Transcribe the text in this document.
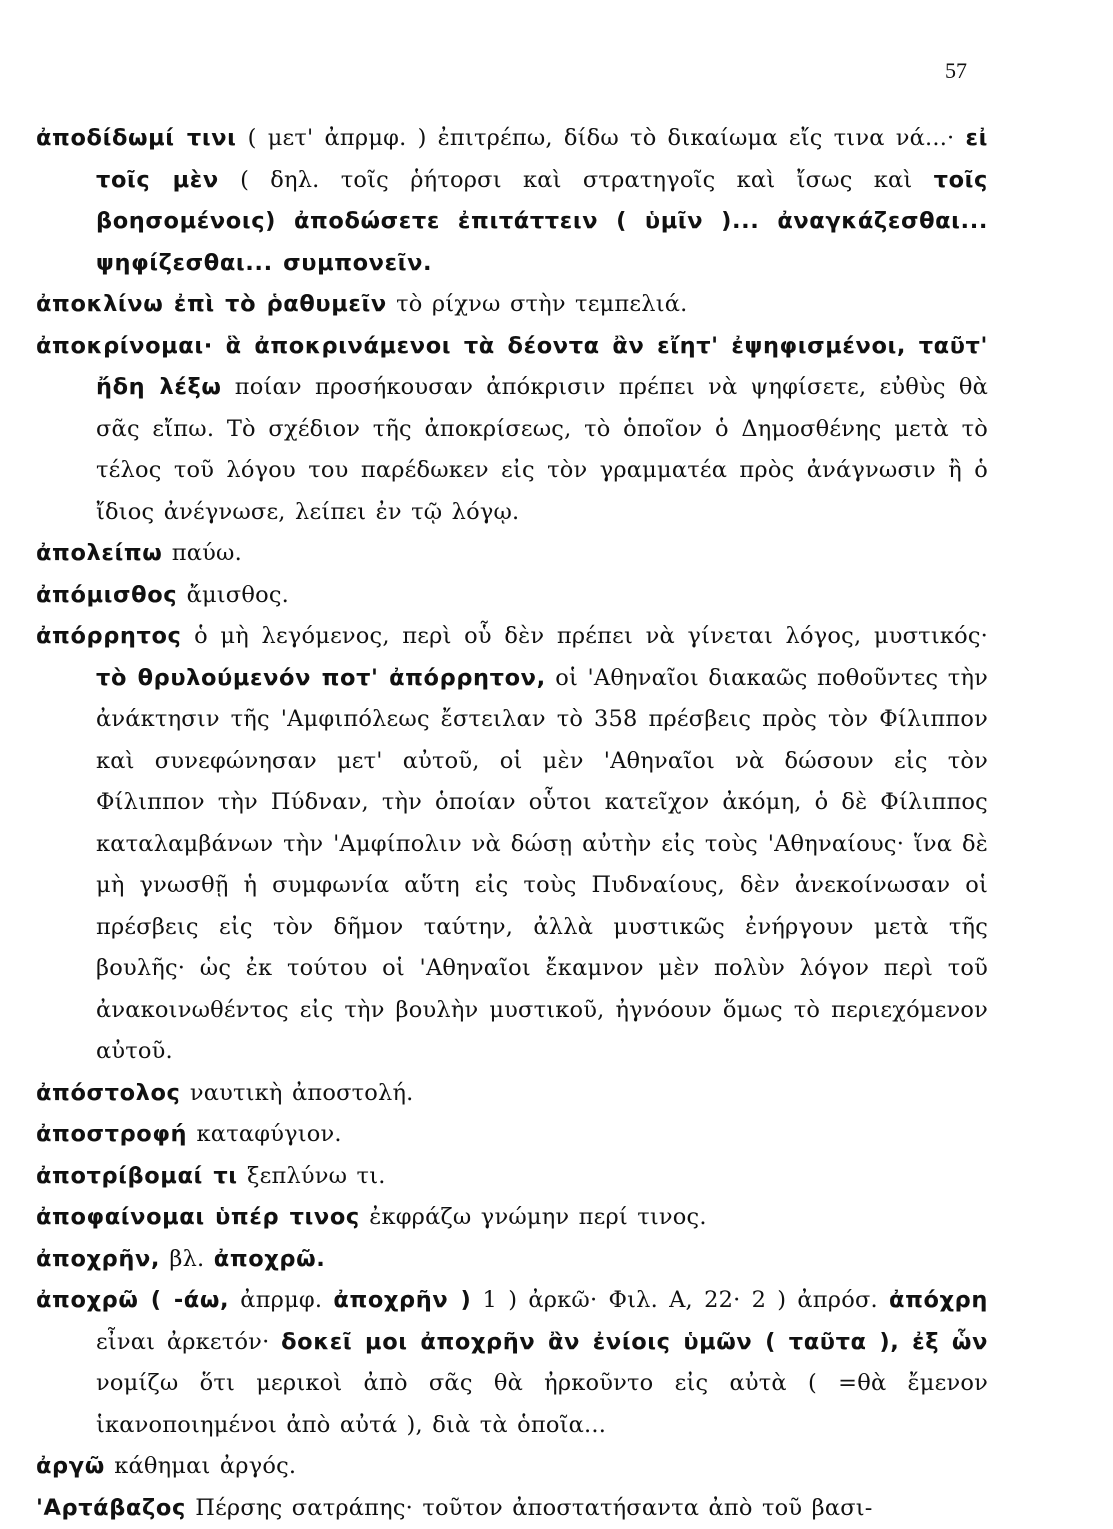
57

ἀποδίδωμί τινι ( μετ' ἀπρμφ. ) ἐπιτρέπω, δίδω τὸ δικαίωμα εἴς τινα νά...· εἰ τοῖς μὲν ( δηλ. τοῖς ῥήτορσι καὶ στρατηγοῖς καὶ ἴσως καὶ τοῖς βοησομένοις) ἀποδώσετε ἐπιτάττειν ( ὑμῖν )... ἀναγκάζεσθαι... ψηφίζεσθαι... συμπονεῖν.

ἀποκλίνω ἐπὶ τὸ ῥαθυμεῖν τὸ ρίχνω στὴν τεμπελιά.

ἀποκρίνομαι· ἃ ἀποκρινάμενοι τὰ δέοντα ἂν εἴητ' ἐψηφισμένοι, ταῦτ' ἤδη λέξω ποίαν προσήκουσαν ἀπόκρισιν πρέπει νὰ ψηφίσετε, εὐθὺς θὰ σᾶς εἴπω. Τὸ σχέδιον τῆς ἀποκρίσεως, τὸ ὁποῖον ὁ Δημοσθένης μετὰ τὸ τέλος τοῦ λόγου του παρέδωκεν εἰς τὸν γραμματέα πρὸς ἀνάγνωσιν ἢ ὁ ἴδιος ἀνέγνωσε, λείπει ἐν τῷ λόγῳ.

ἀπολείπω παύω.

ἀπόμισθος ἄμισθος.

ἀπόρρητος ὁ μὴ λεγόμενος, περὶ οὗ δὲν πρέπει νὰ γίνεται λόγος, μυστικός· τὸ θρυλούμενόν ποτ' ἀπόρρητον, οἱ 'Αθηναῖοι διακαῶς ποθοῦντες τὴν ἀνάκτησιν τῆς 'Αμφιπόλεως ἔστειλαν τὸ 358 πρέσβεις πρὸς τὸν Φίλιππον καὶ συνεφώνησαν μετ' αὐτοῦ, οἱ μὲν 'Αθηναῖοι νὰ δώσουν εἰς τὸν Φίλιππον τὴν Πύδναν, τὴν ὁποίαν οὗτοι κατεῖχον ἀκόμη, ὁ δὲ Φίλιππος καταλαμβάνων τὴν 'Αμφίπολιν νὰ δώσῃ αὐτὴν εἰς τοὺς 'Αθηναίους· ἵνα δὲ μὴ γνωσθῇ ἡ συμφωνία αὕτη εἰς τοὺς Πυδναίους, δὲν ἀνεκοίνωσαν οἱ πρέσβεις εἰς τὸν δῆμον ταύτην, ἀλλὰ μυστικῶς ἐνήργουν μετὰ τῆς βουλῆς· ὡς ἐκ τούτου οἱ 'Αθηναῖοι ἔκαμνον μὲν πολὺν λόγον περὶ τοῦ ἀνακοινωθέντος εἰς τὴν βουλὴν μυστικοῦ, ἠγνόουν ὅμως τὸ περιεχόμενον αὐτοῦ.

ἀπόστολος ναυτικὴ ἀποστολή.

ἀποστροφή καταφύγιον.

ἀποτρίβομαί τι ξεπλύνω τι.

ἀποφαίνομαι ὑπέρ τινος ἐκφράζω γνώμην περί τινος.

ἀποχρῆν, βλ. ἀποχρῶ.

ἀποχρῶ ( -άω, ἀπρμφ. ἀποχρῆν ) 1 ) ἀρκῶ· Φιλ. Α, 22· 2 ) ἀπρόσ. ἀπόχρη εἶναι ἀρκετόν· δοκεῖ μοι ἀποχρῆν ἂν ἐνίοις ὑμῶν ( ταῦτα ), ἐξ ὧν νομίζω ὅτι μερικοὶ ἀπὸ σᾶς θὰ ἠρκοῦντο εἰς αὐτὰ ( =θὰ ἔμενον ἱκανοποιημένοι ἀπὸ αὐτά ), διὰ τὰ ὁποῖα...

ἀργῶ κάθημαι ἀργός.

'Αρτάβαζος Πέρσης σατράπης· τοῦτον ἀποστατήσαντα ἀπὸ τοῦ βασι-
